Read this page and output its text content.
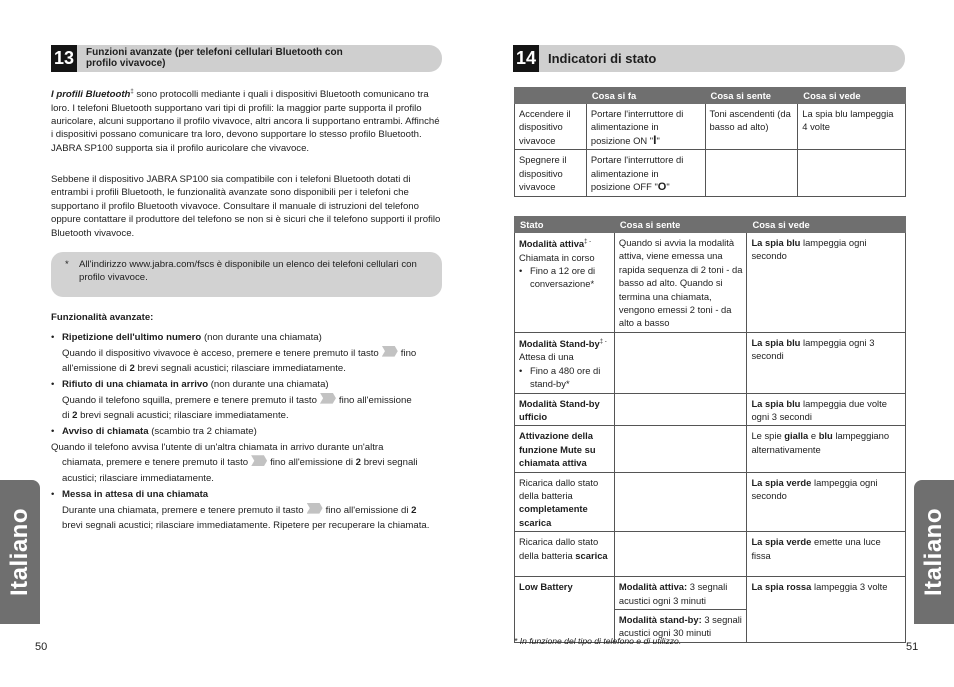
Italiano
50
13 Funzioni avanzate (per telefoni cellulari Bluetooth con
profilo vivavoce)

I profili Bluetooth‡ sono protocolli mediante i quali i dispositivi Bluetooth comunicano tra loro. I telefoni Bluetooth supportano vari tipi di profili: la maggior parte supporta il profilo auricolare, alcuni supportano il profilo vivavoce, altri ancora li supportano entrambi. Affinché i dispositivi possano comunicare tra loro, devono supportare lo stesso profilo Bluetooth. JABRA SP100 supporta sia il profilo auricolare che vivavoce.

Sebbene il dispositivo JABRA SP100 sia compatibile con i telefoni Bluetooth dotati di entrambi i profili Bluetooth, le funzionalità avanzate sono disponibili per i telefoni che supportano il profilo Bluetooth vivavoce. Consultare il manuale di istruzioni del telefono oppure contattare il produttore del telefono se non si è sicuri che il telefono supporti il profilo Bluetooth vivavoce.

* All'indirizzo www.jabra.com/fscs è disponibile un elenco dei telefoni cellulari con profilo vivavoce.
Funzionalità avanzate:
• Ripetizione dell'ultimo numero (non durante una chiamata)
Quando il dispositivo vivavoce è acceso, premere e tenere premuto il tasto fino
all'emissione di 2 brevi segnali acustici; rilasciare immediatamente.
• Rifiuto di una chiamata in arrivo (non durante una chiamata)
Quando il telefono squilla, premere e tenere premuto il tasto fino all'emissione
di 2 brevi segnali acustici; rilasciare immediatamente.
• Avviso di chiamata (scambio tra 2 chiamate)
Quando il telefono avvisa l'utente di un'altra chiamata in arrivo durante un'altra
chiamata, premere e tenere premuto il tasto fino all'emissione di 2 brevi segnali
acustici; rilasciare immediatamente.
• Messa in attesa di una chiamata
Durante una chiamata, premere e tenere premuto il tasto fino all'emissione di 2
brevi segnali acustici; rilasciare immediatamente. Ripetere per recuperare la chiamata.	Italiano
51
14 Indicatori di stato
	Cosa si fa	Cosa si sente	Cosa si vede
Accendere il dispositivo vivavoce	Portare l'interruttore di alimentazione in posizione ON "I"	Toni ascendenti (da basso ad alto)	La spia blu lampeggia 4 volte
Spegnere il dispositivo vivavoce	Portare l'interruttore di alimentazione in posizione OFF "O"		
Stato	Cosa si sente	Cosa si vede
Modalità attiva‡ -
Chiamata in corso
• Fino a 12 ore di conversazione*	Quando si avvia la modalità attiva, viene emessa una rapida sequenza di 2 toni - da basso ad alto. Quando si termina una chiamata, vengono emessi 2 toni - da alto a basso	La spia blu lampeggia ogni secondo
Modalità Stand-by‡ -
Attesa di una
• Fino a 480 ore di stand-by*		La spia blu lampeggia ogni 3 secondi
Modalità Stand-by ufficio		La spia blu lampeggia due volte ogni 3 secondi
Attivazione della funzione Mute su chiamata attiva		Le spie gialla e blu lampeggiano alternativamente
Ricarica dallo stato della batteria completamente scarica		La spia verde lampeggia ogni secondo
Ricarica dallo stato della batteria scarica		La spia verde emette una luce fissa
Low Battery	Modalità attiva: 3 segnali acustici ogni 3 minuti	La spia rossa lampeggia 3 volte
	Modalità stand-by: 3 segnali acustici ogni 30 minuti	
* In funzione del tipo di telefono e di utilizzo.
